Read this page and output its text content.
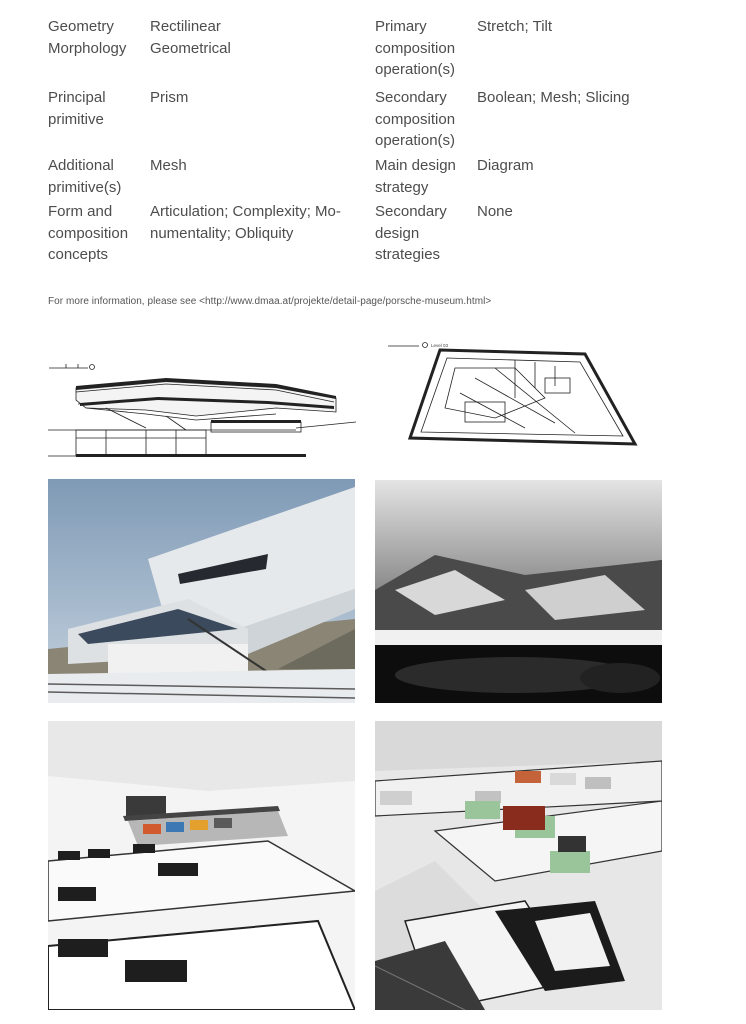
Geometry
Morphology
Rectilinear
Geometrical
Primary
composition
operation(s)
Stretch; Tilt
Principal
primitive
Prism	Secondary
composition
operation(s)
Boolean; Mesh; Slicing
Additional
primitive(s)
Mesh	Main design
strategy
Diagram
Form and
composition
concepts
Articulation; Complexity; Mo-
numentality; Obliquity
Secondary
design
strategies
None
For more information, please see <http://www.dmaa.at/projekte/detail-page/porsche-museum.html>
Level 03
